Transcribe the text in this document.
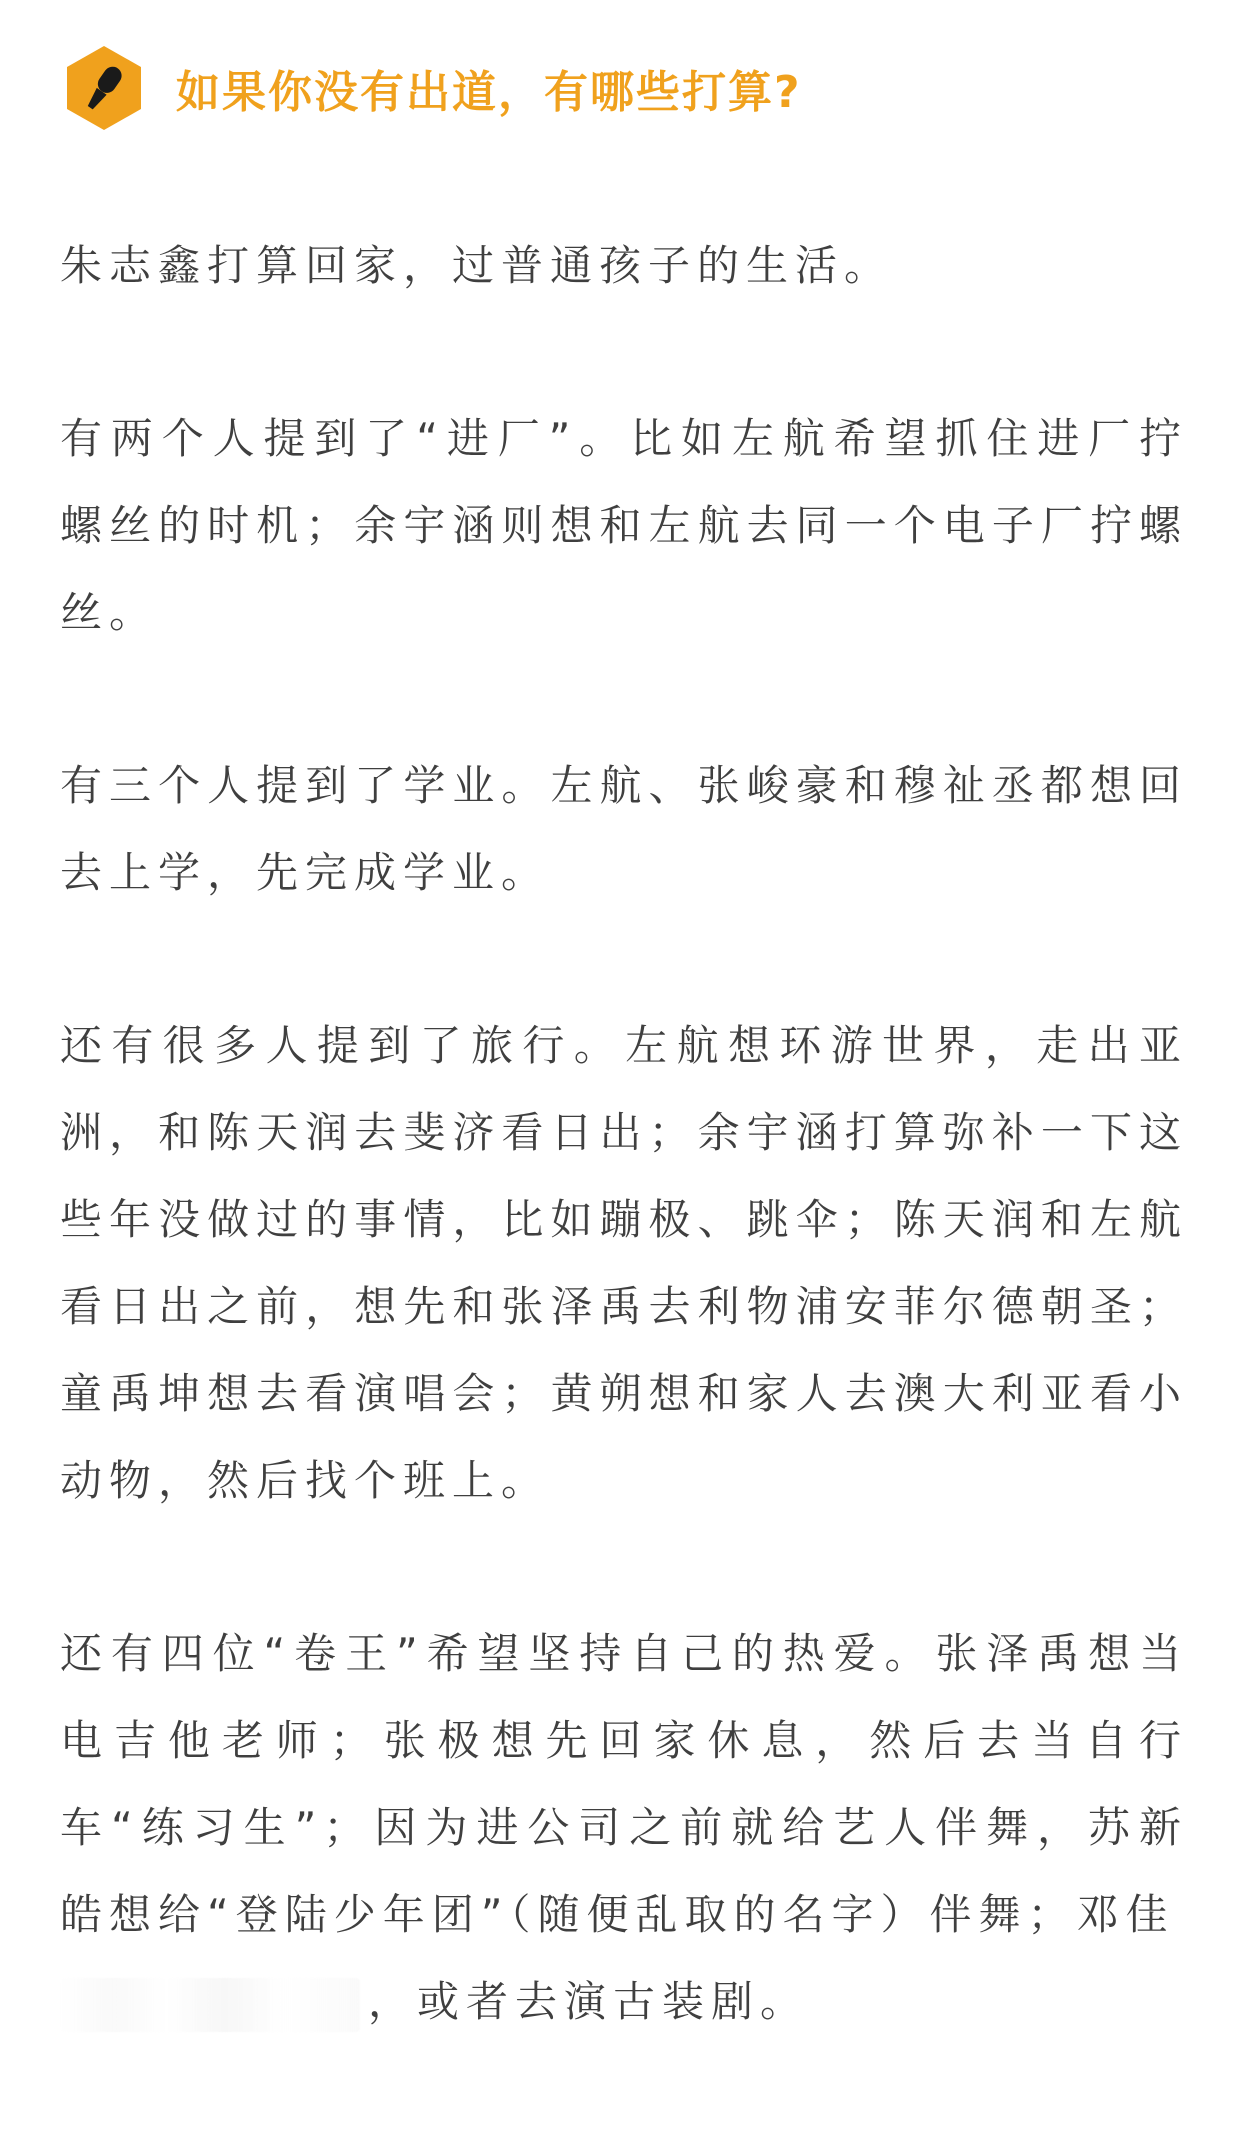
如果你没有出道，有哪些打算?

朱志鑫打算回家，过普通孩子的生活。

有两个人提到了“进厂”。比如左航希望抓住进厂拧螺丝的时机；余宇涵则想和左航去同一个电子厂拧螺丝。

有三个人提到了学业。左航、张峻豪和穆祉丞都想回去上学，先完成学业。

还有很多人提到了旅行。左航想环游世界，走出亚洲，和陈天润去斐济看日出；余宇涵打算弥补一下这些年没做过的事情，比如蹦极、跳伞；陈天润和左航看日出之前，想先和张泽禹去利物浦安菲尔德朝圣；童禹坤想去看演唱会；黄朔想和家人去澳大利亚看小动物，然后找个班上。

还有四位“卷王”希望坚持自己的热爱。张泽禹想当电吉他老师；张极想先回家休息，然后去当自行车“练习生”；因为进公司之前就给艺人伴舞，苏新皓想给“登陆少年团”（随便乱取的名字）伴舞；邓佳
，或者去演古装剧。
